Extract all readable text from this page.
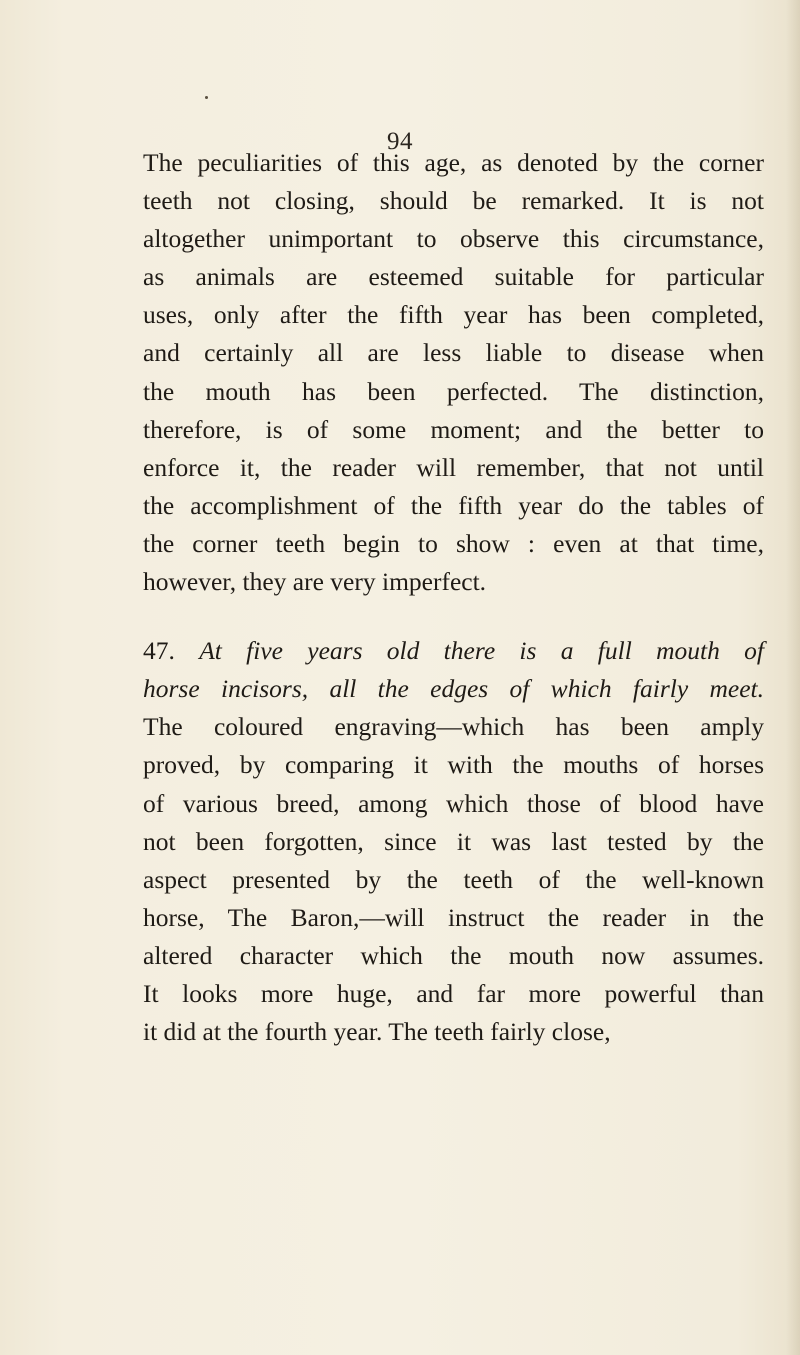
94
The peculiarities of this age, as denoted by the corner
teeth not closing, should be remarked. It is not
altogether unimportant to observe this circumstance,
as animals are esteemed suitable for particular
uses, only after the fifth year has been completed,
and certainly all are less liable to disease when
the mouth has been perfected. The distinction,
therefore, is of some moment; and the better to
enforce it, the reader will remember, that not until
the accomplishment of the fifth year do the tables of
the corner teeth begin to show : even at that time,
however, they are very imperfect.
47. At five years old there is a full mouth of
horse incisors, all the edges of which fairly meet.
The coloured engraving—which has been amply
proved, by comparing it with the mouths of horses
of various breed, among which those of blood have
not been forgotten, since it was last tested by the
aspect presented by the teeth of the well-known
horse, The Baron,—will instruct the reader in the
altered character which the mouth now assumes.
It looks more huge, and far more powerful than
it did at the fourth year. The teeth fairly close,
